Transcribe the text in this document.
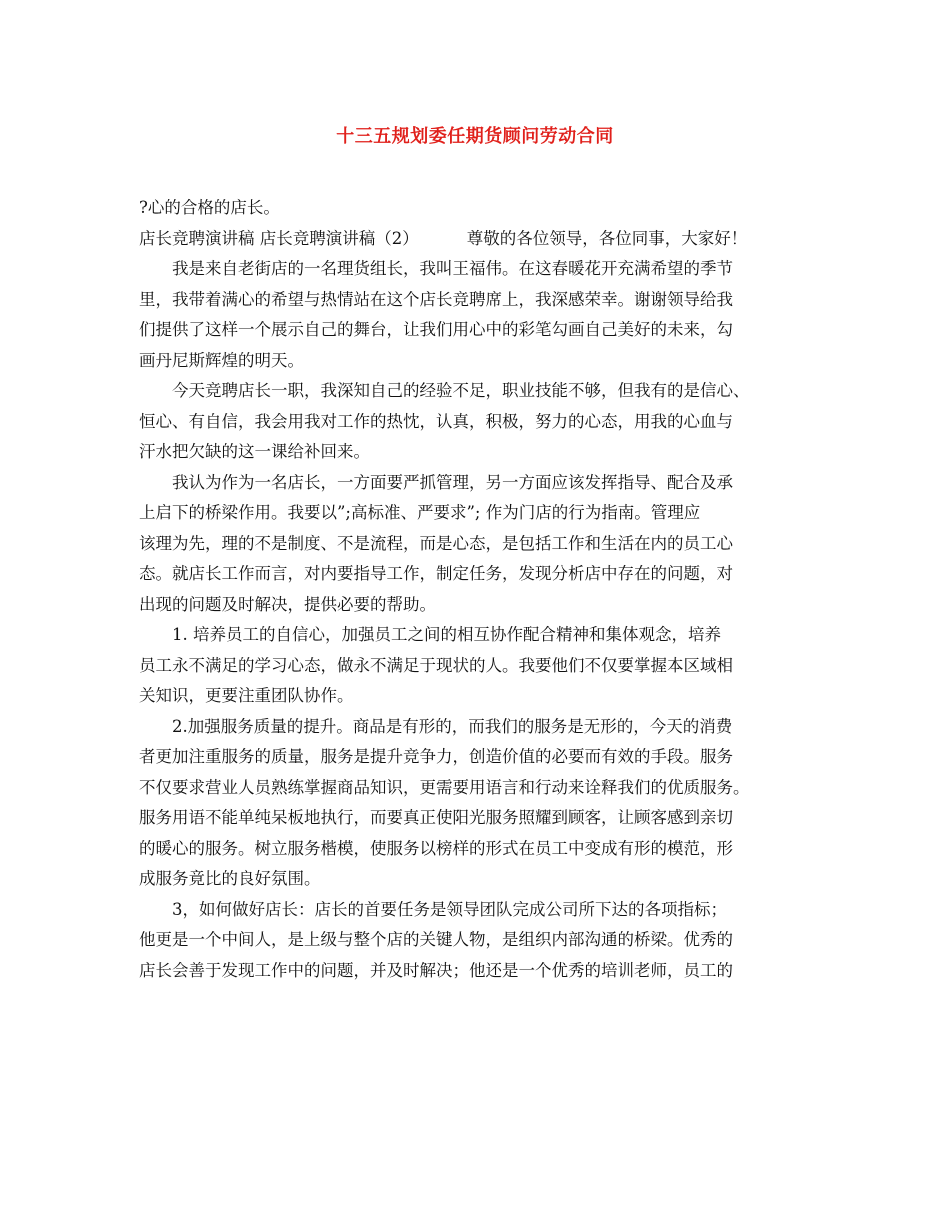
十三五规划委任期货顾问劳动合同

?心的合格的店长。

店长竞聘演讲稿 店长竞聘演讲稿（2）	尊敬的各位领导，各位同事，大家好！

我是来自老街店的一名理货组长，我叫王福伟。在这春暖花开充满希望的季节

里，我带着满心的希望与热情站在这个店长竞聘席上，我深感荣幸。谢谢领导给我

们提供了这样一个展示自己的舞台，让我们用心中的彩笔勾画自己美好的未来，勾

画丹尼斯辉煌的明天。

今天竞聘店长一职，我深知自己的经验不足，职业技能不够，但我有的是信心、

恒心、有自信，我会用我对工作的热忱，认真，积极，努力的心态，用我的心血与

汗水把欠缺的这一课给补回来。

我认为作为一名店长，一方面要严抓管理，另一方面应该发挥指导、配合及承

上启下的桥梁作用。我要以”;高标准、严要求”; 作为门店的行为指南。管理应

该理为先，理的不是制度、不是流程，而是心态，是包括工作和生活在内的员工心

态。就店长工作而言，对内要指导工作，制定任务，发现分析店中存在的问题，对

出现的问题及时解决，提供必要的帮助。

1. 培养员工的自信心，加强员工之间的相互协作配合精神和集体观念，培养

员工永不满足的学习心态，做永不满足于现状的人。我要他们不仅要掌握本区域相

关知识，更要注重团队协作。

2.加强服务质量的提升。商品是有形的，而我们的服务是无形的，今天的消费

者更加注重服务的质量，服务是提升竞争力，创造价值的必要而有效的手段。服务

不仅要求营业人员熟练掌握商品知识，更需要用语言和行动来诠释我们的优质服务。

服务用语不能单纯呆板地执行，而要真正使阳光服务照耀到顾客，让顾客感到亲切

的暖心的服务。树立服务楷模，使服务以榜样的形式在员工中变成有形的模范，形

成服务竟比的良好氛围。

3，如何做好店长：店长的首要任务是领导团队完成公司所下达的各项指标；

他更是一个中间人，是上级与整个店的关键人物，是组织内部沟通的桥梁。优秀的

店长会善于发现工作中的问题，并及时解决；他还是一个优秀的培训老师，员工的
